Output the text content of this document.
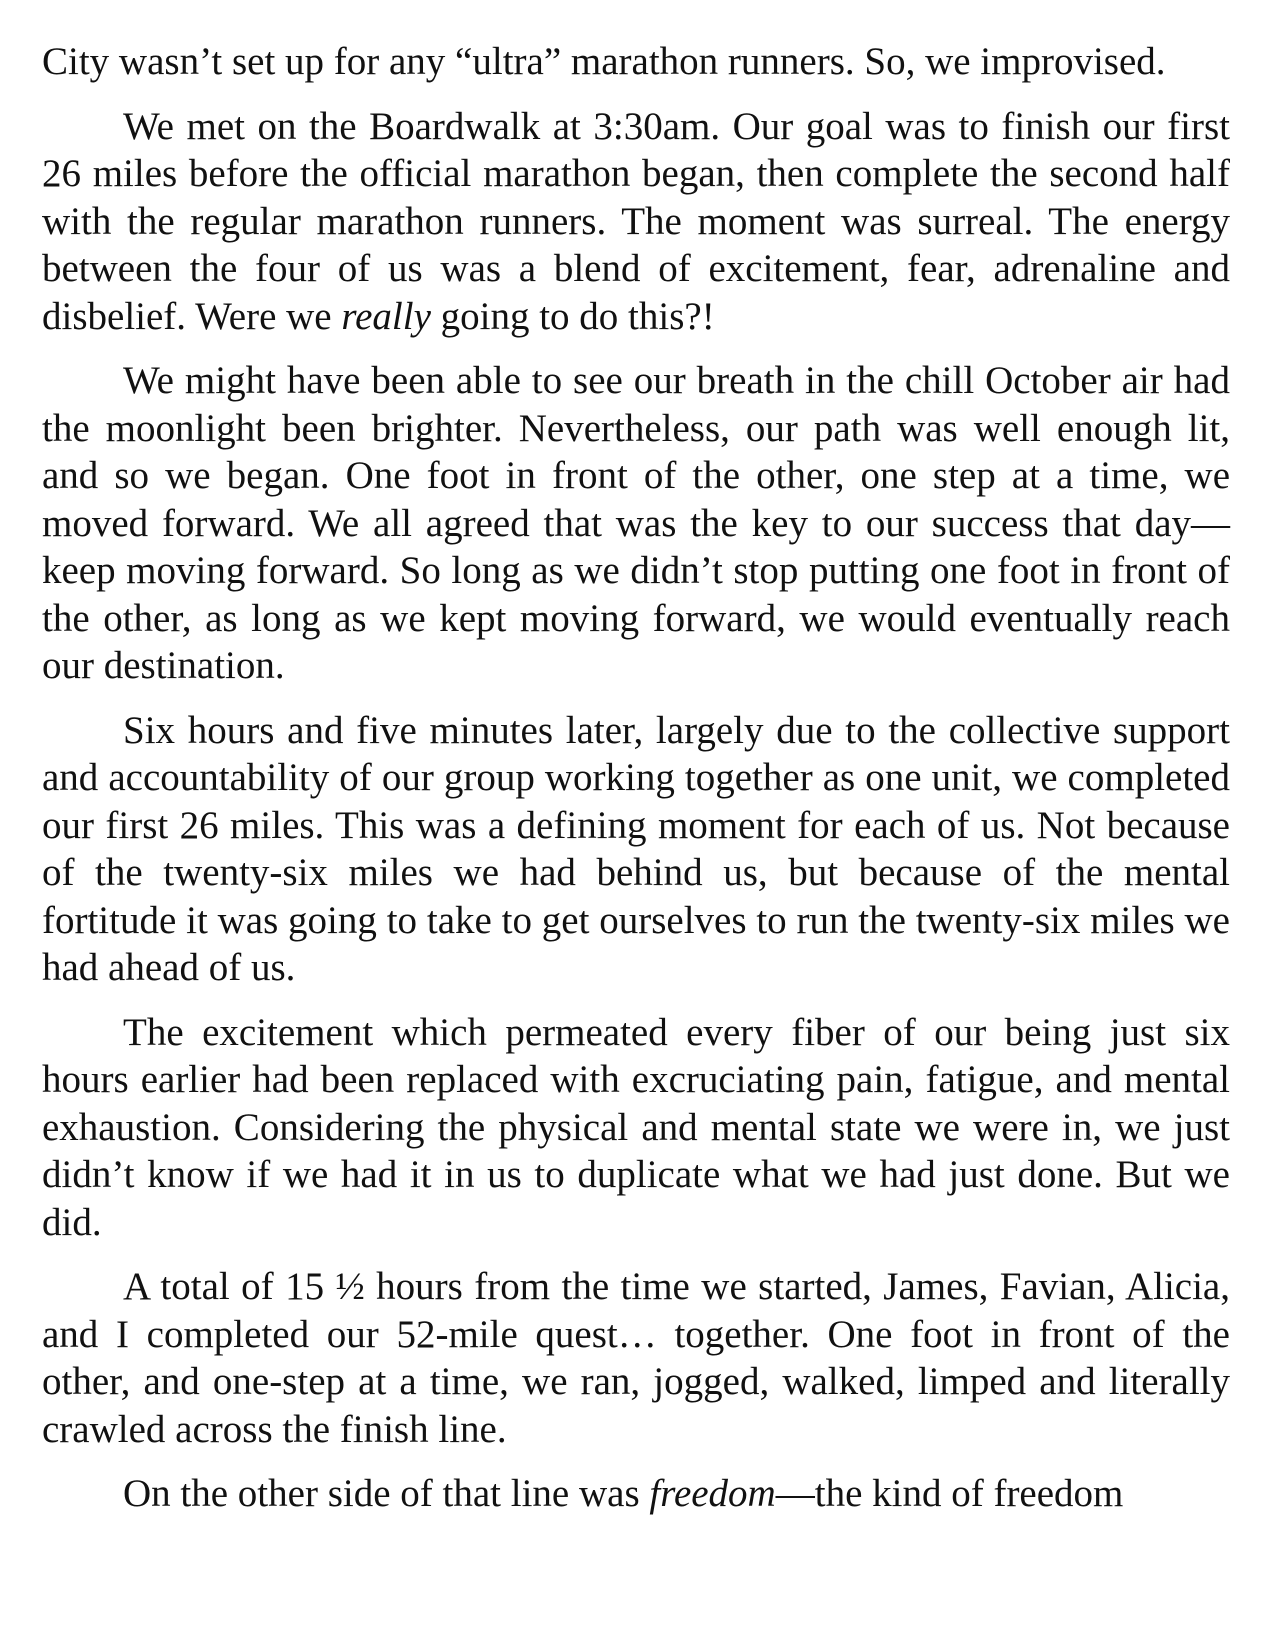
City wasn’t set up for any “ultra” marathon runners. So, we improvised.

We met on the Boardwalk at 3:30am. Our goal was to finish our first 26 miles before the official marathon began, then complete the second half with the regular marathon runners. The moment was surreal. The energy between the four of us was a blend of excitement, fear, adrenaline and disbelief. Were we really going to do this?!

We might have been able to see our breath in the chill October air had the moonlight been brighter. Nevertheless, our path was well enough lit, and so we began. One foot in front of the other, one step at a time, we moved forward. We all agreed that was the key to our success that day—keep moving forward. So long as we didn’t stop putting one foot in front of the other, as long as we kept moving forward, we would eventually reach our destination.

Six hours and five minutes later, largely due to the collective support and accountability of our group working together as one unit, we completed our first 26 miles. This was a defining moment for each of us. Not because of the twenty-six miles we had behind us, but because of the mental fortitude it was going to take to get ourselves to run the twenty-six miles we had ahead of us.

The excitement which permeated every fiber of our being just six hours earlier had been replaced with excruciating pain, fatigue, and mental exhaustion. Considering the physical and mental state we were in, we just didn’t know if we had it in us to duplicate what we had just done. But we did.

A total of 15 ½ hours from the time we started, James, Favian, Alicia, and I completed our 52-mile quest… together. One foot in front of the other, and one-step at a time, we ran, jogged, walked, limped and literally crawled across the finish line.

On the other side of that line was freedom—the kind of freedom
